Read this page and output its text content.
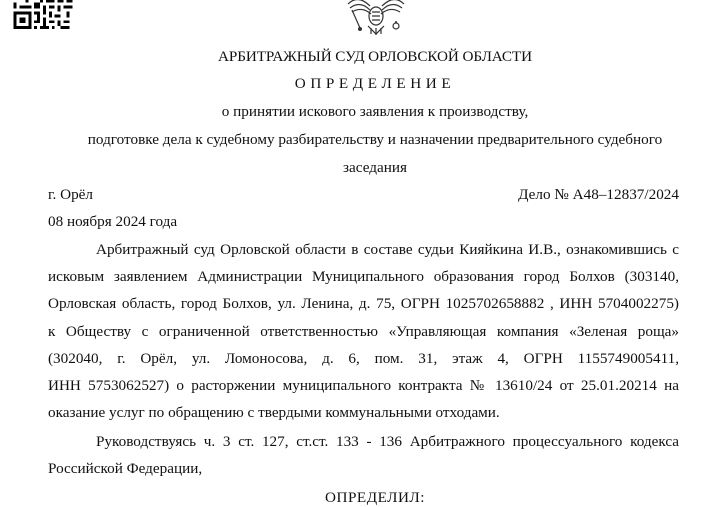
АРБИТРАЖНЫЙ СУД ОРЛОВСКОЙ ОБЛАСТИ
ОПРЕДЕЛЕНИЕ
о принятии искового заявления к производству,
подготовке дела к судебному разбирательству и назначении предварительного судебного
заседания
г. Орёл	Дело № А48–12837/2024
08 ноября 2024 года
Арбитражный суд Орловской области в составе судьи Кияйкина И.В., ознакомившись с
исковым заявлением Администрации Муниципального образования город Болхов (303140,
Орловская область, город Болхов, ул. Ленина, д. 75, ОГРН 1025702658882 , ИНН 5704002275)
к Обществу с ограниченной ответственностью «Управляющая компания «Зеленая роща»
(302040, г. Орёл, ул. Ломоносова, д. 6, пом. 31, этаж 4, ОГРН 1155749005411,
ИНН 5753062527) о расторжении муниципального контракта № 13610/24 от 25.01.20214 на
оказание услуг по обращению с твердыми коммунальными отходами.
Руководствуясь ч. 3 ст. 127, ст.ст. 133 - 136 Арбитражного процессуального кодекса
Российской Федерации,
ОПРЕДЕЛИЛ:
